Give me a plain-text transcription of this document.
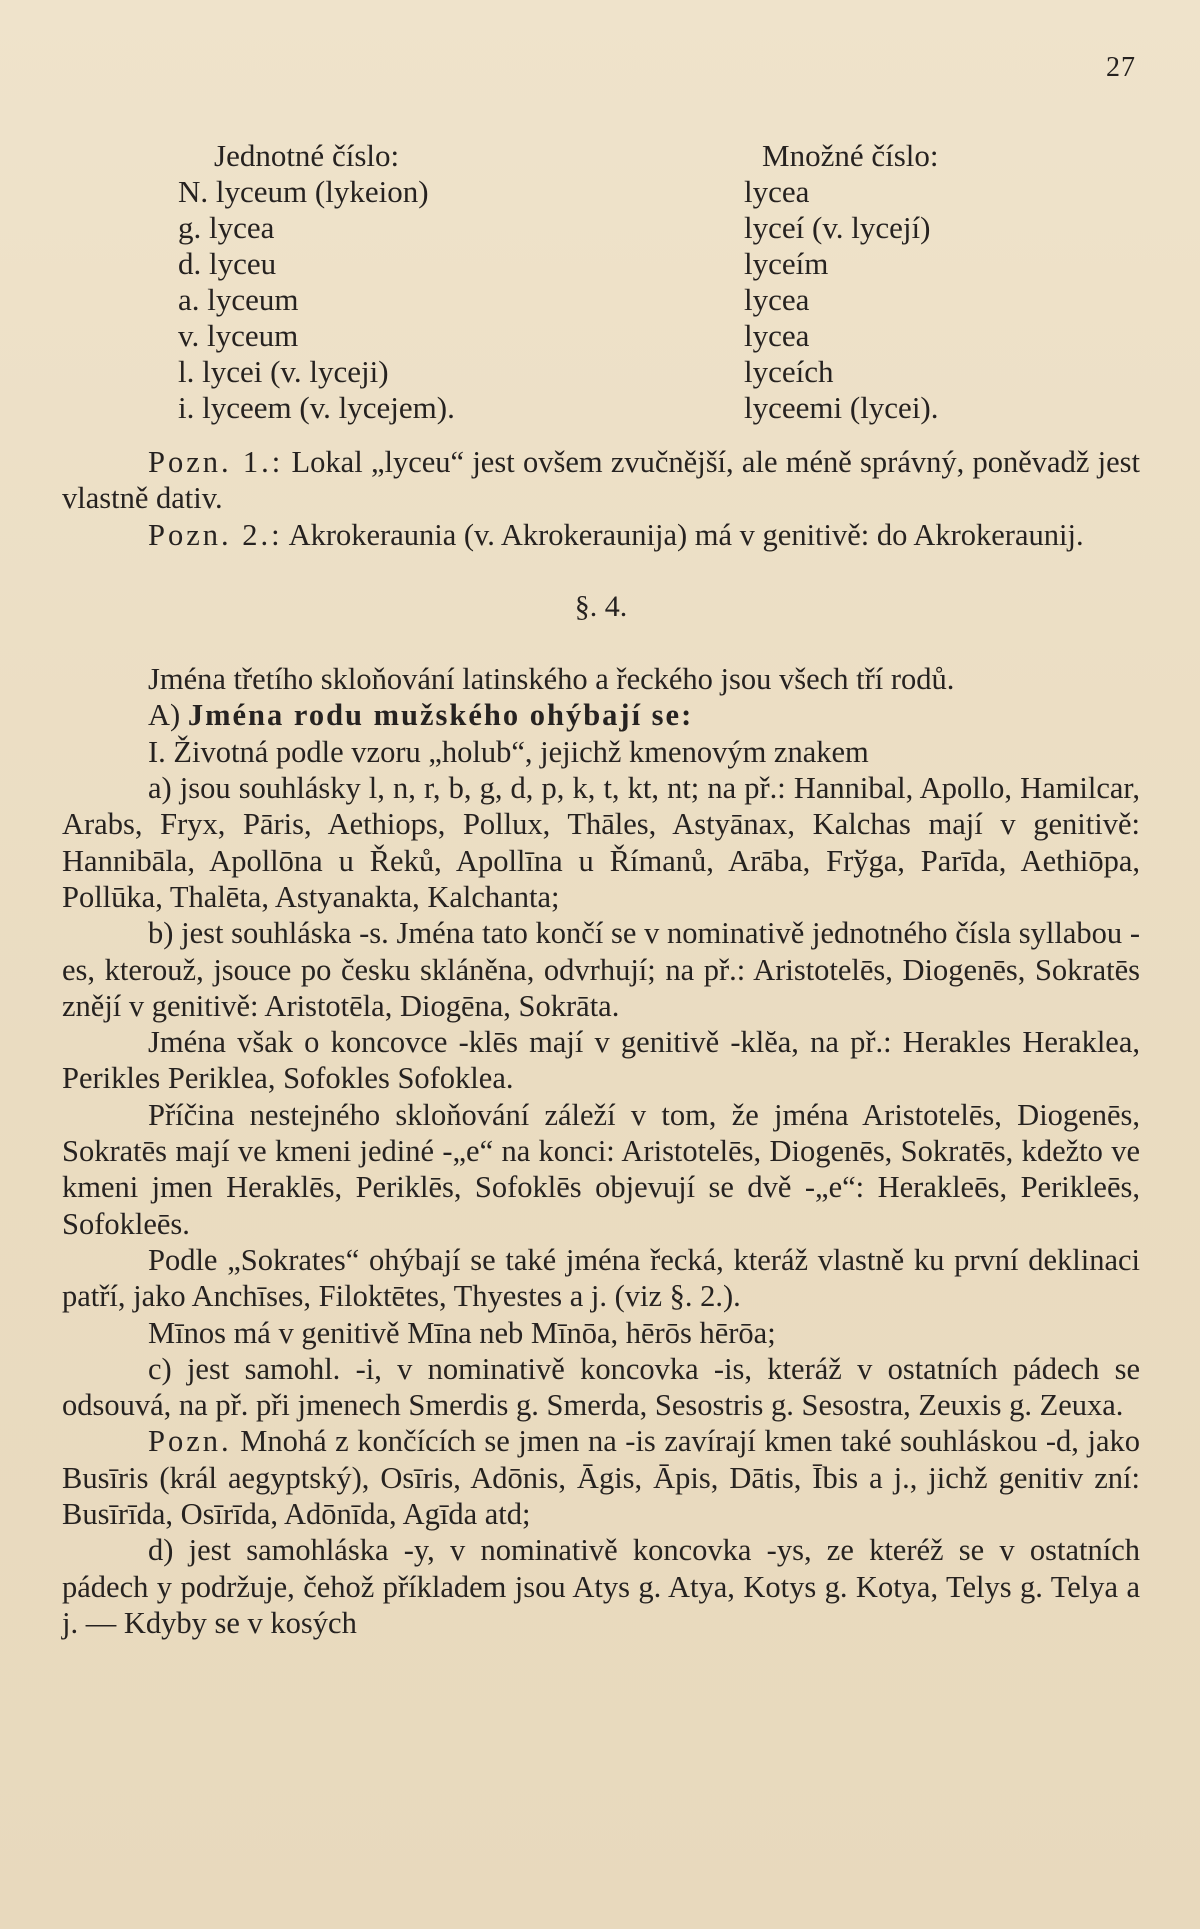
27
Jednotné číslo:	Množné číslo:
N. lyceum (lykeion)	lycea
g. lycea	lyceí (v. lycejí)
d. lyceu	lyceím
a. lyceum	lycea
v. lyceum	lycea
l. lycei (v. lyceji)	lyceích
i. lyceem (v. lycejem).	lyceemi (lycei).

Pozn. 1.: Lokal „lyceu“ jest ovšem zvučnější, ale méně správný, poněvadž jest vlastně dativ.

Pozn. 2.: Akrokeraunia (v. Akrokeraunija) má v genitivě: do Akrokeraunij.

§. 4.

Jména třetího skloňování latinského a řeckého jsou všech tří rodů.

A) Jména rodu mužského ohýbají se:

I. Životná podle vzoru „holub“, jejichž kmenovým znakem

a) jsou souhlásky l, n, r, b, g, d, p, k, t, kt, nt; na př.: Hannibal, Apollo, Hamilcar, Arabs, Fryx, Pāris, Aethiops, Pollux, Thāles, Astyānax, Kalchas mají v genitivě: Hannibāla, Apollōna u Řeků, Apollīna u Římanů, Arāba, Frўga, Parīda, Aethiōpa, Pollūka, Thalēta, Astyanakta, Kalchanta;

b) jest souhláska -s. Jména tato končí se v nominativě jednotného čísla syllabou -es, kterouž, jsouce po česku skláněna, odvrhují; na př.: Aristotelēs, Diogenēs, Sokratēs znějí v genitivě: Aristotēla, Diogēna, Sokrāta.

Jména však o koncovce -klēs mají v genitivě -klĕa, na př.: Herakles Heraklea, Perikles Periklea, Sofokles Sofoklea.

Příčina nestejného skloňování záleží v tom, že jména Aristotelēs, Diogenēs, Sokratēs mají ve kmeni jediné -„e“ na konci: Aristotelēs, Diogenēs, Sokratēs, kdežto ve kmeni jmen Heraklēs, Periklēs, Sofoklēs objevují se dvě -„e“: Herakleēs, Perikleēs, Sofokleēs.

Podle „Sokrates“ ohýbají se také jména řecká, kteráž vlastně ku první deklinaci patří, jako Anchīses, Filoktētes, Thyestes a j. (viz §. 2.).

Mīnos má v genitivě Mīna neb Mīnōa, hērōs hērōa;

c) jest samohl. -i, v nominativě koncovka -is, kteráž v ostatních pádech se odsouvá, na př. při jmenech Smerdis g. Smerda, Sesostris g. Sesostra, Zeuxis g. Zeuxa.

Pozn. Mnohá z končících se jmen na -is zavírají kmen také souhláskou -d, jako Busīris (král aegyptský), Osīris, Adōnis, Āgis, Āpis, Dātis, Ībis a j., jichž genitiv zní: Busīrīda, Osīrīda, Adōnīda, Agīda atd;

d) jest samohláska -y, v nominativě koncovka -ys, ze kteréž se v ostatních pádech y podržuje, čehož příkladem jsou Atys g. Atya, Kotys g. Kotya, Telys g. Telya a j. — Kdyby se v kosých
